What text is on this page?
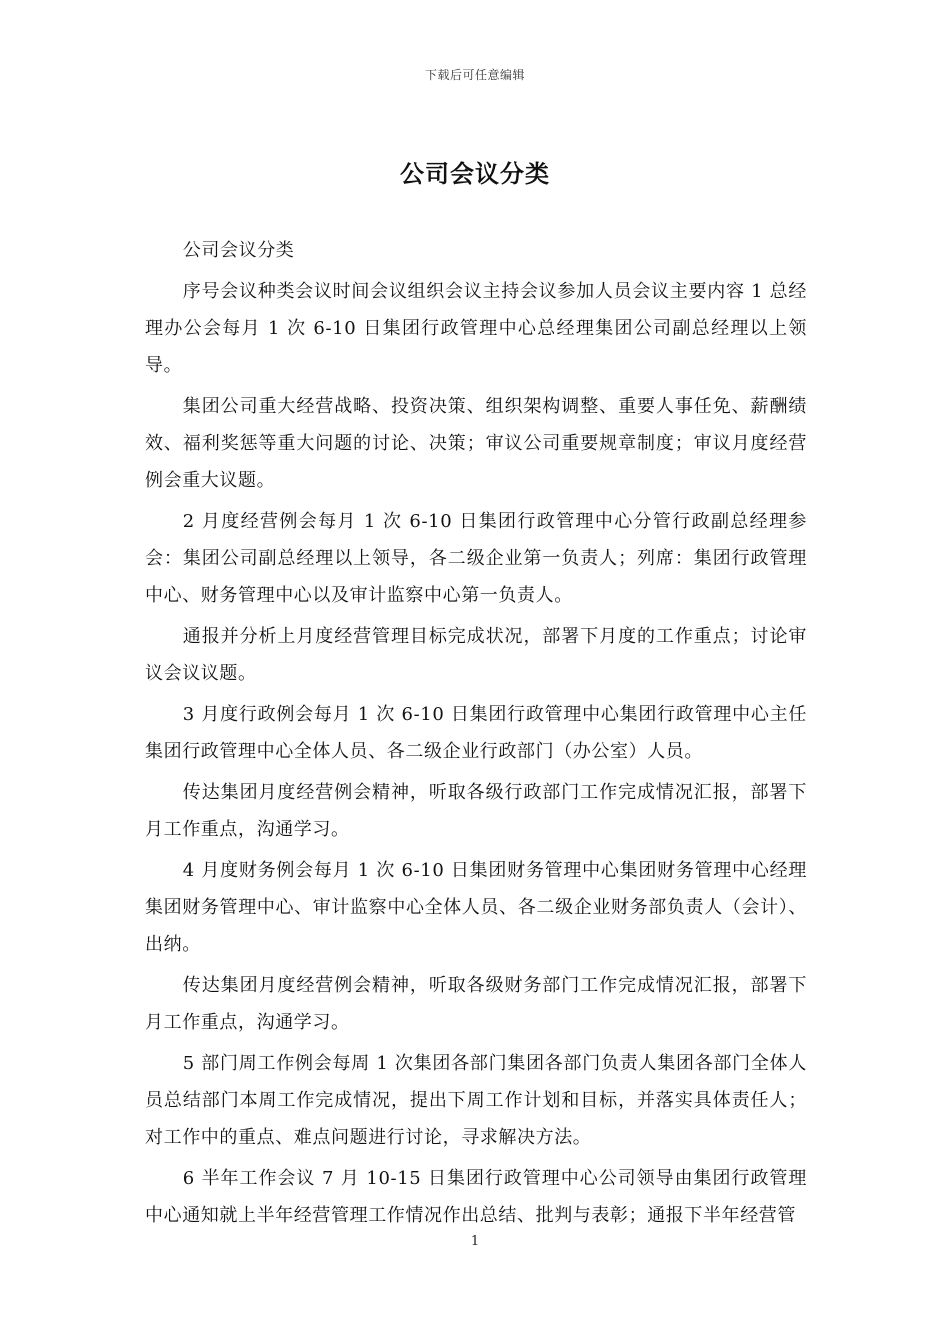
下载后可任意编辑
公司会议分类

公司会议分类

序号会议种类会议时间会议组织会议主持会议参加人员会议主要内容 1 总经理办公会每月 1 次 6-10 日集团行政管理中心总经理集团公司副总经理以上领导。

集团公司重大经营战略、投资决策、组织架构调整、重要人事任免、薪酬绩效、福利奖惩等重大问题的讨论、决策；审议公司重要规章制度；审议月度经营例会重大议题。

2 月度经营例会每月 1 次 6-10 日集团行政管理中心分管行政副总经理参会：集团公司副总经理以上领导，各二级企业第一负责人；列席：集团行政管理中心、财务管理中心以及审计监察中心第一负责人。

通报并分析上月度经营管理目标完成状况，部署下月度的工作重点；讨论审议会议议题。

3 月度行政例会每月 1 次 6-10 日集团行政管理中心集团行政管理中心主任集团行政管理中心全体人员、各二级企业行政部门（办公室）人员。

传达集团月度经营例会精神，听取各级行政部门工作完成情况汇报，部署下月工作重点，沟通学习。

4 月度财务例会每月 1 次 6-10 日集团财务管理中心集团财务管理中心经理集团财务管理中心、审计监察中心全体人员、各二级企业财务部负责人（会计）、出纳。

传达集团月度经营例会精神，听取各级财务部门工作完成情况汇报，部署下月工作重点，沟通学习。

5 部门周工作例会每周 1 次集团各部门集团各部门负责人集团各部门全体人员总结部门本周工作完成情况，提出下周工作计划和目标，并落实具体责任人；对工作中的重点、难点问题进行讨论，寻求解决方法。

6 半年工作会议 7 月 10-15 日集团行政管理中心公司领导由集团行政管理中心通知就上半年经营管理工作情况作出总结、批判与表彰；通报下半年经营管

1
